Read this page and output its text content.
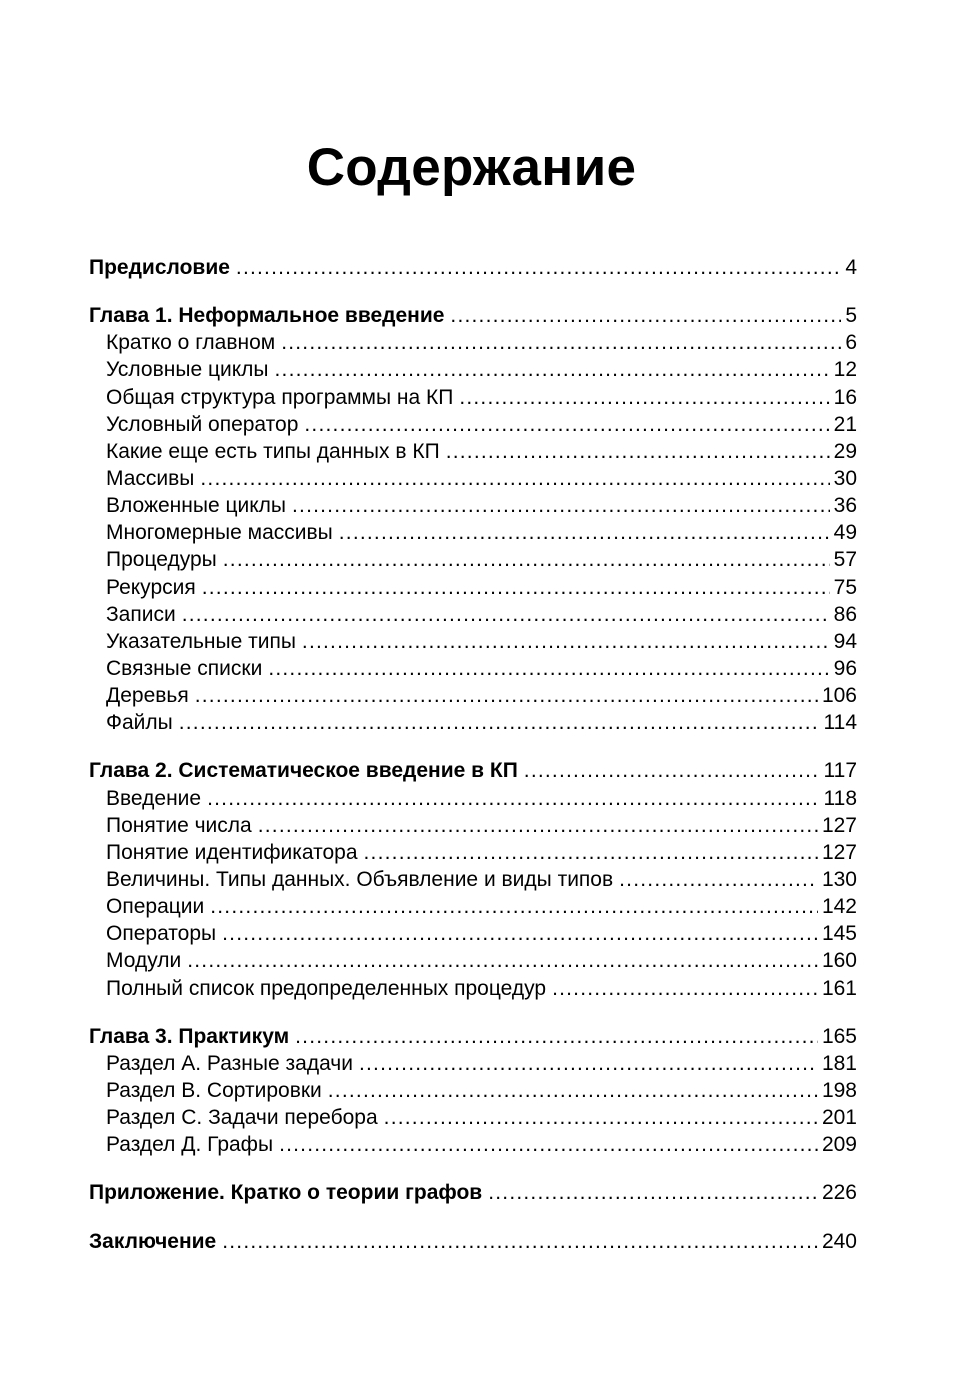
Содержание
Предисловие .....	4
Глава 1. Неформальное введение .....	5
Кратко о главном .....	6
Условные циклы .....	12
Общая структура программы на КП .....	16
Условный оператор .....	21
Какие еще есть типы данных в КП .....	29
Массивы .....	30
Вложенные циклы .....	36
Многомерные массивы .....	49
Процедуры .....	57
Рекурсия .....	75
Записи .....	86
Указательные типы .....	94
Связные списки .....	96
Деревья .....	106
Файлы .....	114
Глава 2. Систематическое введение в КП .....	117
Введение .....	118
Понятие числа .....	127
Понятие идентификатора .....	127
Величины. Типы данных. Объявление и виды типов .....	130
Операции .....	142
Операторы .....	145
Модули .....	160
Полный список предопределенных процедур .....	161
Глава 3. Практикум .....	165
Раздел А. Разные задачи .....	181
Раздел В. Сортировки .....	198
Раздел С. Задачи перебора .....	201
Раздел Д. Графы .....	209
Приложение. Кратко о теории графов .....	226
Заключение .....	240
